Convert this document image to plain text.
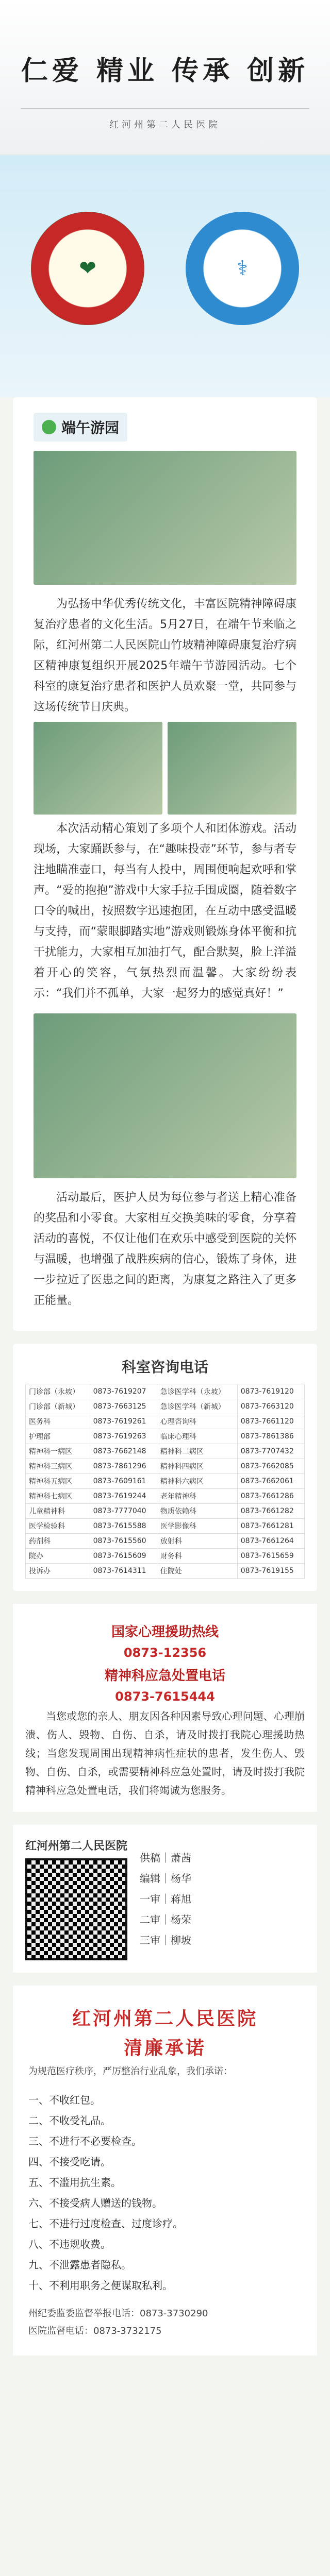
仁爱 精业 传承 创新
红河州第二人民医院
❤	⚕
端午游园

为弘扬中华优秀传统文化，丰富医院精神障碍康复治疗患者的文化生活。5月27日，在端午节来临之际，红河州第二人民医院山竹坡精神障碍康复治疗病区精神康复组织开展2025年端午节游园活动。七个科室的康复治疗患者和医护人员欢聚一堂，共同参与这场传统节日庆典。

本次活动精心策划了多项个人和团体游戏。活动现场，大家踊跃参与，在“趣味投壶”环节，参与者专注地瞄准壶口，每当有人投中，周围便响起欢呼和掌声。“爱的抱抱”游戏中大家手拉手围成圈，随着数字口令的喊出，按照数字迅速抱团，在互动中感受温暖与支持，而“蒙眼脚踏实地”游戏则锻炼身体平衡和抗干扰能力，大家相互加油打气，配合默契，脸上洋溢着开心的笑容，气氛热烈而温馨。大家纷纷表示：“我们并不孤单，大家一起努力的感觉真好！”

活动最后，医护人员为每位参与者送上精心准备的奖品和小零食。大家相互交换美味的零食，分享着活动的喜悦，不仅让他们在欢乐中感受到医院的关怀与温暖，也增强了战胜疾病的信心，锻炼了身体，进一步拉近了医患之间的距离，为康复之路注入了更多正能量。

科室咨询电话
门诊部（永坡）	0873-7619207	急诊医学科（永坡）	0873-7619120
门诊部（新城）	0873-7663125	急诊医学科（新城）	0873-7663120
医务科	0873-7619261	心理咨询科	0873-7661120
护理部	0873-7619263	临床心理科	0873-7861386
精神科一病区	0873-7662148	精神科二病区	0873-7707432
精神科三病区	0873-7861296	精神科四病区	0873-7662085
精神科五病区	0873-7609161	精神科六病区	0873-7662061
精神科七病区	0873-7619244	老年精神科	0873-7661286
儿童精神科	0873-7777040	物质依赖科	0873-7661282
医学检验科	0873-7615588	医学影像科	0873-7661281
药剂科	0873-7615560	放射科	0873-7661264
院办	0873-7615609	财务科	0873-7615659
投诉办	0873-7614311	住院处	0873-7619155
国家心理援助热线
0873-12356
精神科应急处置电话
0873-7615444
当您或您的亲人、朋友因各种因素导致心理问题、心理崩溃、伤人、毁物、自伤、自杀，请及时拨打我院心理援助热线；当您发现周围出现精神病性症状的患者，发生伤人、毁物、自伤、自杀，或需要精神科应急处置时，请及时拨打我院精神科应急处置电话，我们将竭诚为您服务。
红河州第二人民医院
供稿｜萧茜
编辑｜杨华
一审｜蒋旭
二审｜杨荣
三审｜柳坡
红河州第二人民医院
清廉承诺
为规范医疗秩序，严厉整治行业乱象，我们承诺：
一、不收红包。
二、不收受礼品。
三、不进行不必要检查。
四、不接受吃请。
五、不滥用抗生素。
六、不接受病人赠送的钱物。
七、不进行过度检查、过度诊疗。
八、不违规收费。
九、不泄露患者隐私。
十、不利用职务之便谋取私利。
州纪委监委监督举报电话：0873-3730290
医院监督电话：0873-3732175
